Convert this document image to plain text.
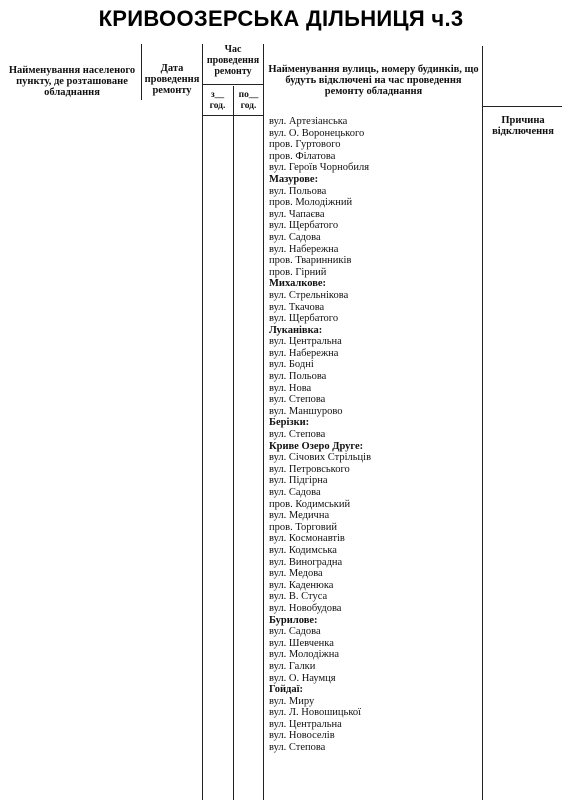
КРИВООЗЕРСЬКА ДІЛЬНИЦЯ ч.3
Найменування населеного пункту, де розташоване обладнання
Дата проведення ремонту
Час проведення ремонту
з__ год.
по__ год.
Найменування вулиць, номеру будинків, що будуть відключені на час проведення ремонту обладнання
Причина відключення
вул. Артезіанська
вул. О. Воронецького
пров. Гуртового
пров. Філатова
вул. Героїв Чорнобиля
Мазурове:
вул. Польова
пров. Молодіжний
вул. Чапаєва
вул. Щербатого
вул. Садова
вул. Набережна
пров. Тваринників
пров. Гірний
Михалкове:
вул. Стрельнікова
вул. Ткачова
вул. Щербатого
Луканівка:
вул. Центральна
вул. Набережна
вул. Бодні
вул. Польова
вул. Нова
вул. Степова
вул. Маншурово
Берізки:
вул. Степова
Криве Озеро Друге:
вул. Січових Стрільців
вул. Петровського
вул. Підгірна
вул. Садова
пров. Кодимський
вул. Медична
пров. Торговий
вул. Космонавтів
вул. Кодимська
вул. Виноградна
вул. Медова
вул. Каденюка
вул. В. Стуса
вул. Новобудова
Бурилове:
вул. Садова
вул. Шевченка
вул. Молодіжна
вул. Галки
вул. О. Наумця
Гойдаї:
вул. Миру
вул. Л. Новошицької
вул. Центральна
вул. Новоселів
вул. Степова
